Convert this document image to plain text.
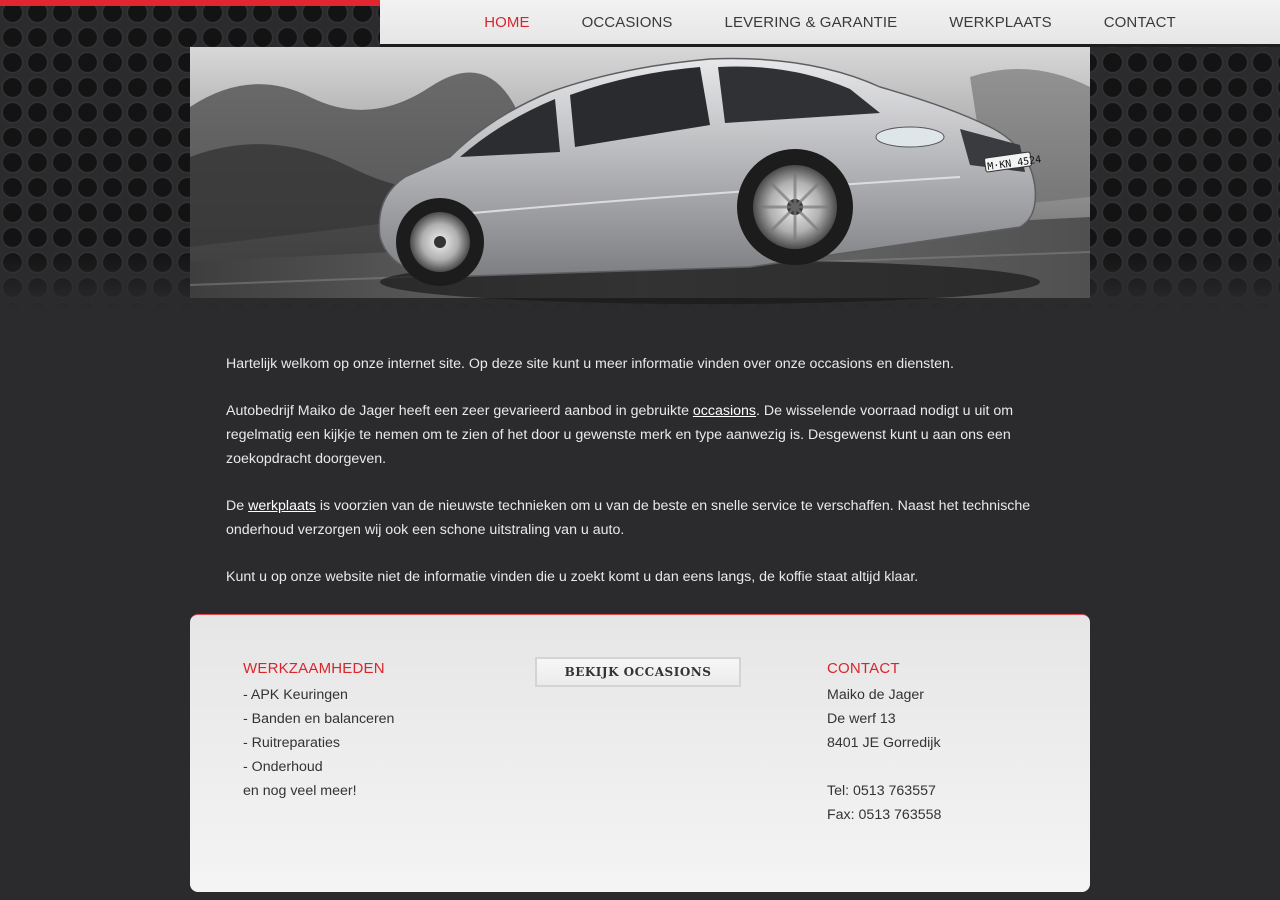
HOME	OCCASIONS	LEVERING & GARANTIE	WERKPLAATS	CONTACT
M·KN 4524

Hartelijk welkom op onze internet site. Op deze site kunt u meer informatie vinden over onze occasions en diensten.

Autobedrijf Maiko de Jager heeft een zeer gevarieerd aanbod in gebruikte occasions. De wisselende voorraad nodigt u uit om regelmatig een kijkje te nemen om te zien of het door u gewenste merk en type aanwezig is. Desgewenst kunt u aan ons een zoekopdracht doorgeven.

De werkplaats is voorzien van de nieuwste technieken om u van de beste en snelle service te verschaffen. Naast het technische onderhoud verzorgen wij ook een schone uitstraling van u auto.

Kunt u op onze website niet de informatie vinden die u zoekt komt u dan eens langs, de koffie staat altijd klaar.

WERKZAAMHEDEN
- APK Keuringen
- Banden en balanceren
- Ruitreparaties
- Onderhoud
en nog veel meer!
BEKIJK OCCASIONS	CONTACT
Maiko de Jager
De werf 13
8401 JE Gorredijk
Tel: 0513 763557
Fax: 0513 763558
